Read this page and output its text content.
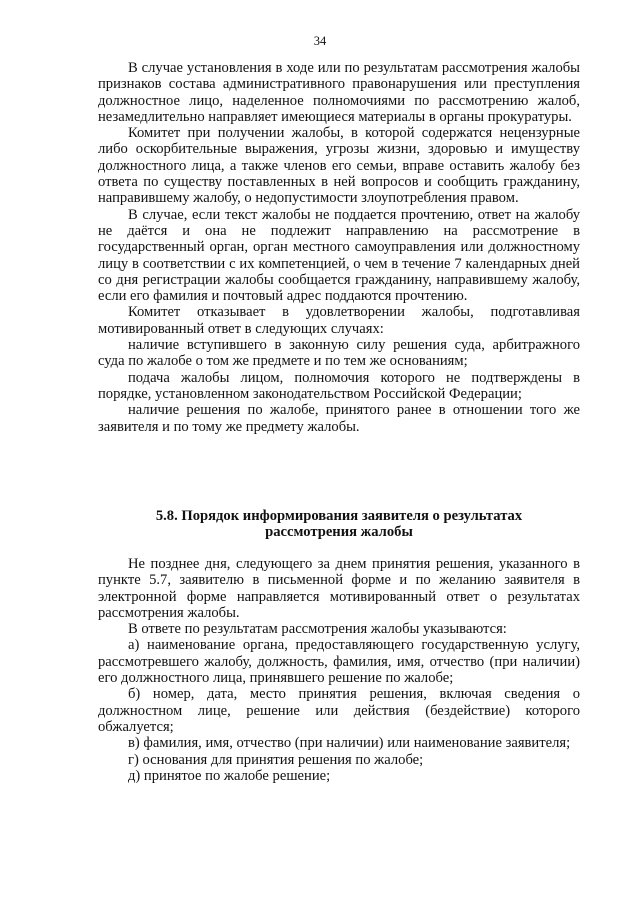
34

В случае установления в ходе или по результатам рассмотрения жалобы признаков состава административного правонарушения или преступления должностное лицо, наделенное полномочиями по рассмотрению жалоб, незамедлительно направляет имеющиеся материалы в органы прокуратуры.

Комитет при получении жалобы, в которой содержатся нецензурные либо оскорбительные выражения, угрозы жизни, здоровью и имуществу должностного лица, а также членов его семьи, вправе оставить жалобу без ответа по существу поставленных в ней вопросов и сообщить гражданину, направившему жалобу, о недопустимости злоупотребления правом.

В случае, если текст жалобы не поддается прочтению, ответ на жалобу не даётся и она не подлежит направлению на рассмотрение в государственный орган, орган местного самоуправления или должностному лицу в соответствии с их компетенцией, о чем в течение 7 календарных дней со дня регистрации жалобы сообщается гражданину, направившему жалобу, если его фамилия и почтовый адрес поддаются прочтению.

Комитет отказывает в удовлетворении жалобы, подготавливая мотивированный ответ в следующих случаях:

наличие вступившего в законную силу решения суда, арбитражного суда по жалобе о том же предмете и по тем же основаниям;

подача жалобы лицом, полномочия которого не подтверждены в порядке, установленном законодательством Российской Федерации;

наличие решения по жалобе, принятого ранее в отношении того же заявителя и по тому же предмету жалобы.

5.8. Порядок информирования заявителя о результатах
рассмотрения жалобы

Не позднее дня, следующего за днем принятия решения, указанного в пункте 5.7, заявителю в письменной форме и по желанию заявителя в электронной форме направляется мотивированный ответ о результатах рассмотрения жалобы.

В ответе по результатам рассмотрения жалобы указываются:

а) наименование органа, предоставляющего государственную услугу, рассмотревшего жалобу, должность, фамилия, имя, отчество (при наличии) его должностного лица, принявшего решение по жалобе;

б) номер, дата, место принятия решения, включая сведения о должностном лице, решение или действия (бездействие) которого обжалуется;

в) фамилия, имя, отчество (при наличии) или наименование заявителя;

г) основания для принятия решения по жалобе;

д) принятое по жалобе решение;
